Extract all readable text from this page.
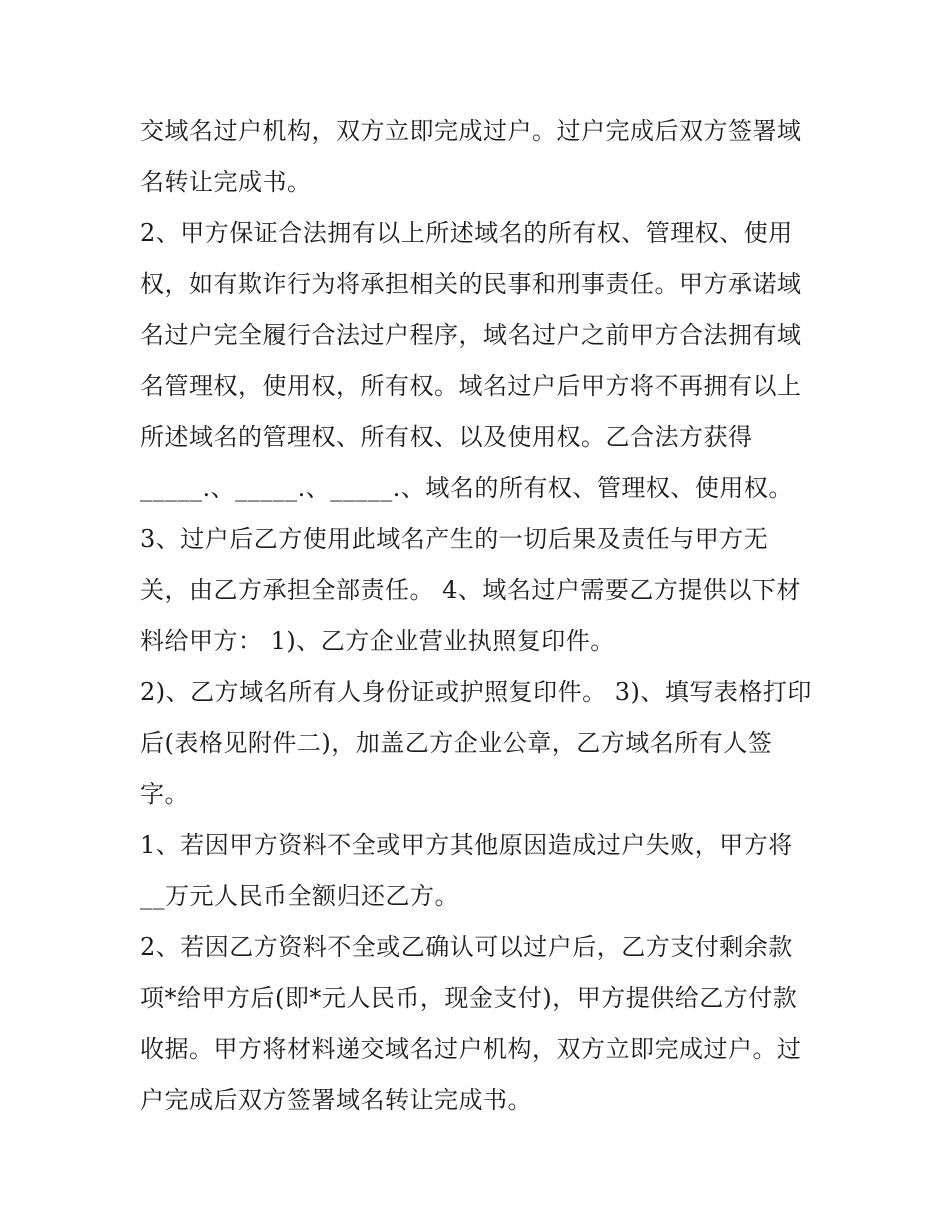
交域名过户机构，双方立即完成过户。过户完成后双方签署域
名转让完成书。
2、甲方保证合法拥有以上所述域名的所有权、管理权、使用
权，如有欺诈行为将承担相关的民事和刑事责任。甲方承诺域
名过户完全履行合法过户程序，域名过户之前甲方合法拥有域
名管理权，使用权，所有权。域名过户后甲方将不再拥有以上
所述域名的管理权、所有权、以及使用权。乙合法方获得
_____.、_____.、_____.、域名的所有权、管理权、使用权。
3、过户后乙方使用此域名产生的一切后果及责任与甲方无
关，由乙方承担全部责任。 4、域名过户需要乙方提供以下材
料给甲方： 1)、乙方企业营业执照复印件。
2)、乙方域名所有人身份证或护照复印件。 3)、填写表格打印
后(表格见附件二)，加盖乙方企业公章，乙方域名所有人签
字。
1、若因甲方资料不全或甲方其他原因造成过户失败，甲方将
__万元人民币全额归还乙方。
2、若因乙方资料不全或乙确认可以过户后，乙方支付剩余款
项*给甲方后(即*元人民币，现金支付)，甲方提供给乙方付款
收据。甲方将材料递交域名过户机构，双方立即完成过户。过
户完成后双方签署域名转让完成书。
